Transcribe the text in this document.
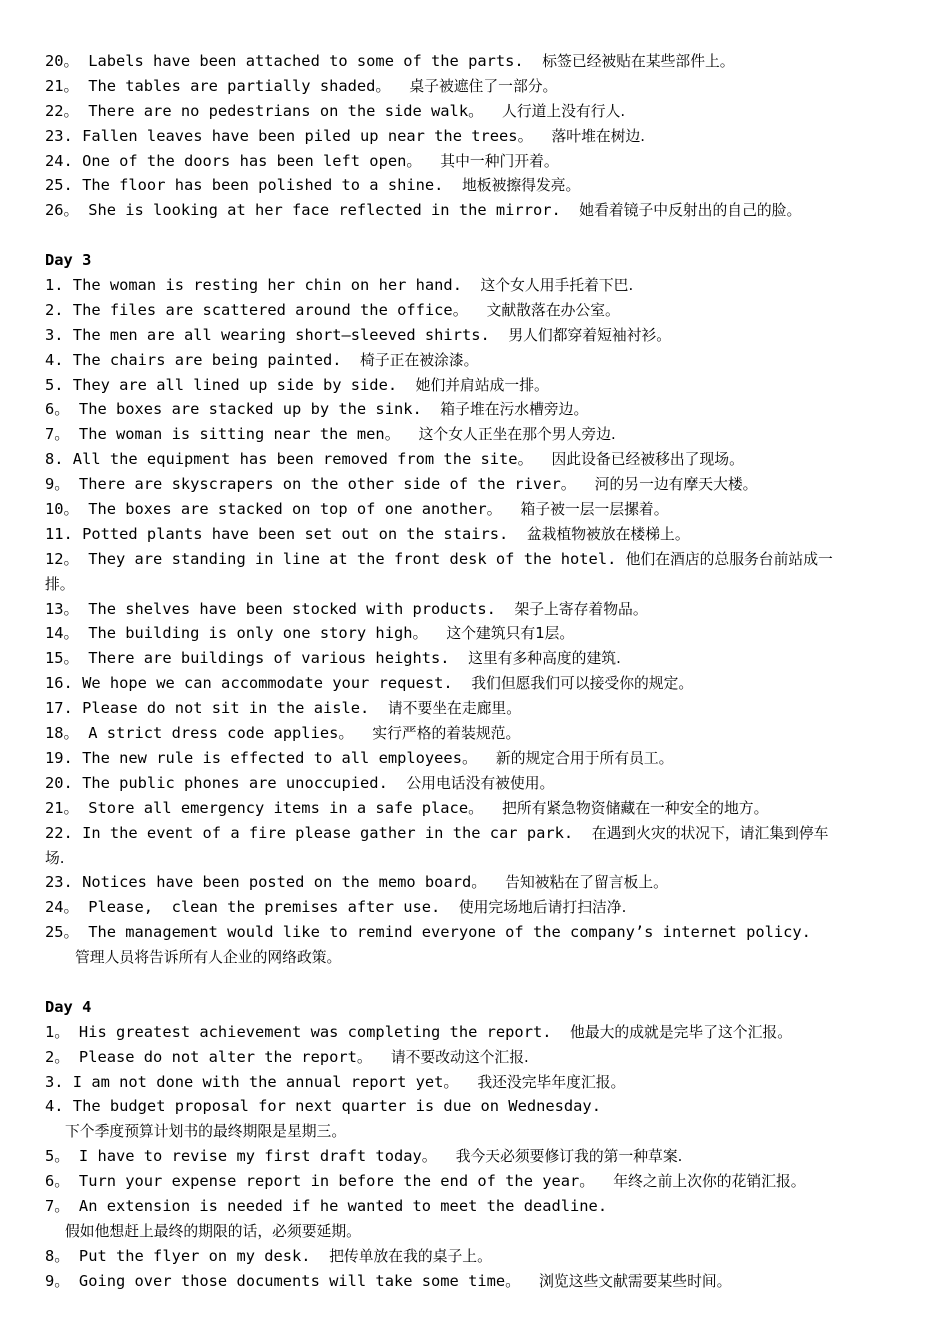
20。 Labels have been attached to some of the parts.  标签已经被贴在某些部件上。
21。 The tables are partially shaded。  桌子被遮住了一部分。
22。 There are no pedestrians on the side walk。  人行道上没有行人.
23. Fallen leaves have been piled up near the trees。  落叶堆在树边.
24. One of the doors has been left open。  其中一种门开着。
25. The floor has been polished to a shine.  地板被擦得发亮。
26。 She is looking at her face reflected in the mirror.  她看着镜子中反射出的自己的脸。
Day 3
1. The woman is resting her chin on her hand.  这个女人用手托着下巴.
2. The files are scattered around the office。  文献散落在办公室。
3. The men are all wearing short—sleeved shirts.  男人们都穿着短袖衬衫。
4. The chairs are being painted.  椅子正在被涂漆。
5. They are all lined up side by side.  她们并肩站成一排。
6。 The boxes are stacked up by the sink.  箱子堆在污水槽旁边。
7。 The woman is sitting near the men。  这个女人正坐在那个男人旁边.
8. All the equipment has been removed from the site。  因此设备已经被移出了现场。
9。 There are skyscrapers on the other side of the river。  河的另一边有摩天大楼。
10。 The boxes are stacked on top of one another。  箱子被一层一层摞着。
11. Potted plants have been set out on the stairs.  盆栽植物被放在楼梯上。
12。 They are standing in line at the front desk of the hotel. 他们在酒店的总服务台前站成一
排。
13。 The shelves have been stocked with products.  架子上寄存着物品。
14。 The building is only one story high。  这个建筑只有1层。
15。 There are buildings of various heights.  这里有多种高度的建筑.
16. We hope we can accommodate your request.  我们但愿我们可以接受你的规定。
17. Please do not sit in the aisle.  请不要坐在走廊里。
18。 A strict dress code applies。  实行严格的着装规范。
19. The new rule is effected to all employees。  新的规定合用于所有员工。
20. The public phones are unoccupied.  公用电话没有被使用。
21。 Store all emergency items in a safe place。  把所有紧急物资储藏在一种安全的地方。
22. In the event of a fire please gather in the car park.  在遇到火灾的状况下，请汇集到停车
场.
23. Notices have been posted on the memo board。  告知被粘在了留言板上。
24。 Please,  clean the premises after use.  使用完场地后请打扫洁净.
25。 The management would like to remind everyone of the company’s internet policy.
管理人员将告诉所有人企业的网络政策。
Day 4
1。 His greatest achievement was completing the report.  他最大的成就是完毕了这个汇报。
2。 Please do not alter the report。  请不要改动这个汇报.
3. I am not done with the annual report yet。  我还没完毕年度汇报。
4. The budget proposal for next quarter is due on Wednesday.
下个季度预算计划书的最终期限是星期三。
5。 I have to revise my first draft today。  我今天必须要修订我的第一种草案.
6。 Turn your expense report in before the end of the year。  年终之前上次你的花销汇报。
7。 An extension is needed if he wanted to meet the deadline.
假如他想赶上最终的期限的话，必须要延期。
8。 Put the flyer on my desk.  把传单放在我的桌子上。
9。 Going over those documents will take some time。  浏览这些文献需要某些时间。
